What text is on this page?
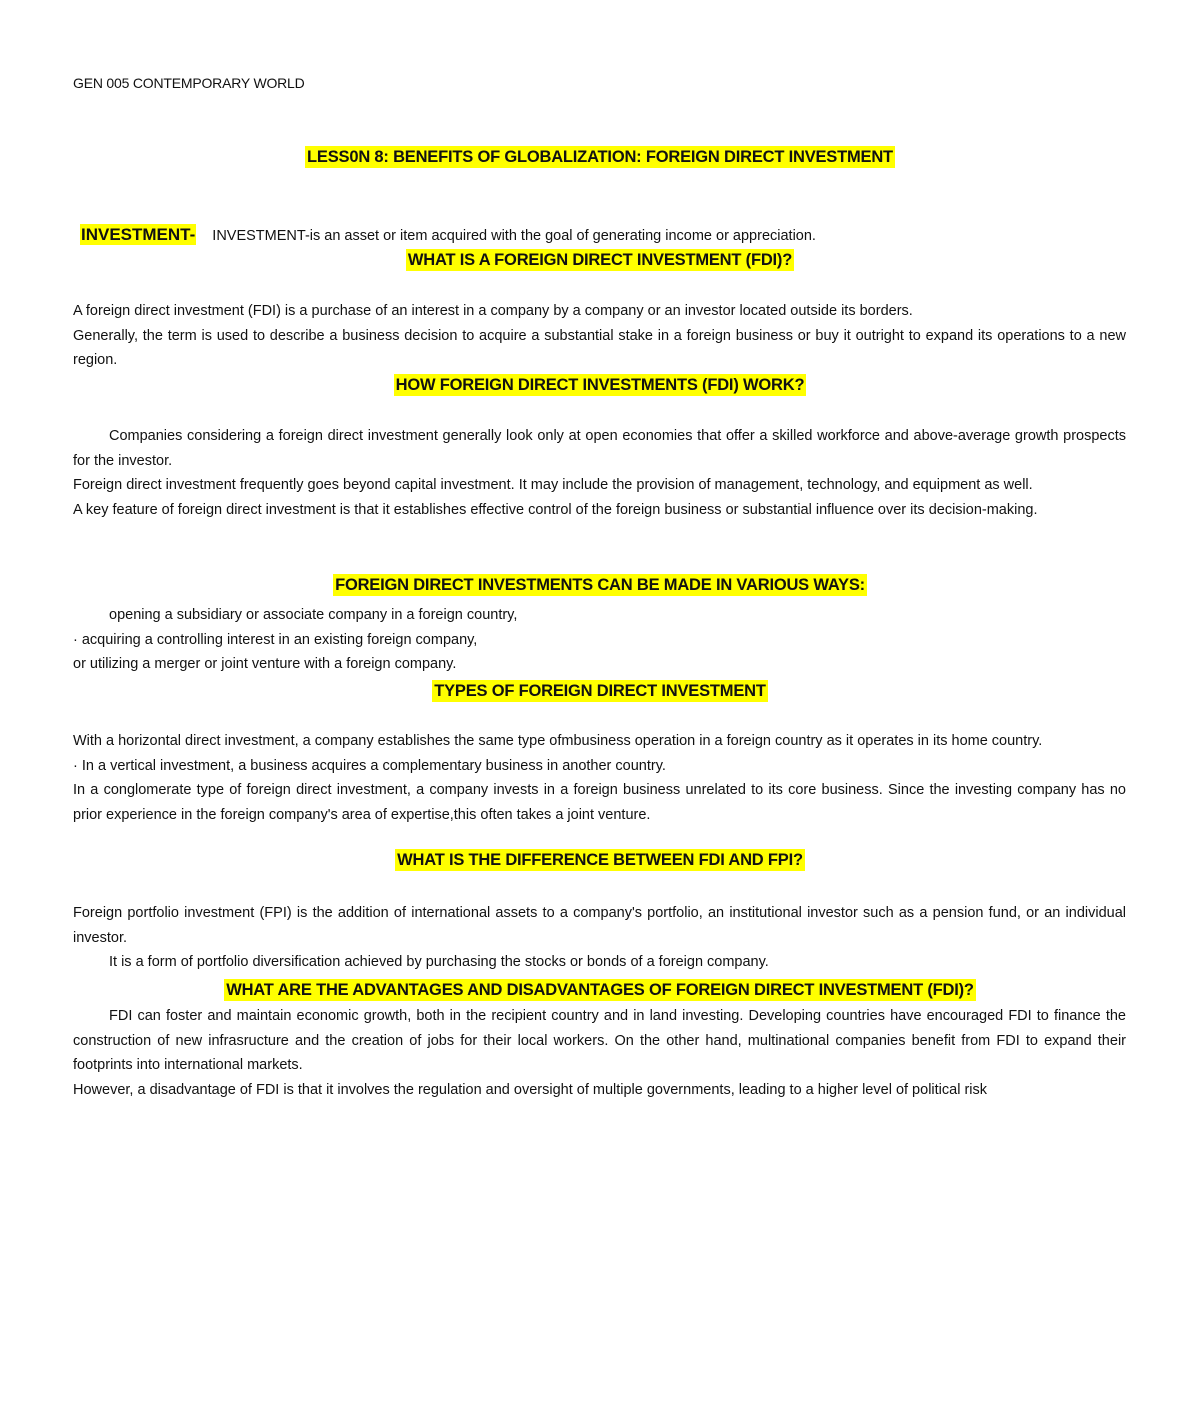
GEN 005 CONTEMPORARY WORLD
LESS0N 8: BENEFITS OF GLOBALIZATION: FOREIGN DIRECT INVESTMENT
INVESTMENT- INVESTMENT-is an asset or item acquired with the goal of generating income or appreciation.
WHAT IS A FOREIGN DIRECT INVESTMENT (FDI)?

A foreign direct investment (FDI) is a purchase of an interest in a company by a company or an investor located outside its borders.

Generally, the term is used to describe a business decision to acquire a substantial stake in a foreign business or buy it outright to expand its operations to a new region.

HOW FOREIGN DIRECT INVESTMENTS (FDI) WORK?

Companies considering a foreign direct investment generally look only at open economies that offer a skilled workforce and above-average growth prospects for the investor.

Foreign direct investment frequently goes beyond capital investment. It may include the provision of management, technology, and equipment as well.

A key feature of foreign direct investment is that it establishes effective control of the foreign business or substantial influence over its decision-making.

FOREIGN DIRECT INVESTMENTS CAN BE MADE IN VARIOUS WAYS:

opening a subsidiary or associate company in a foreign country,

· acquiring a controlling interest in an existing foreign company,

or utilizing a merger or joint venture with a foreign company.

TYPES OF FOREIGN DIRECT INVESTMENT

With a horizontal direct investment, a company establishes the same type ofmbusiness operation in a foreign country as it operates in its home country.

· In a vertical investment, a business acquires a complementary business in another country.

In a conglomerate type of foreign direct investment, a company invests in a foreign business unrelated to its core business. Since the investing company has no prior experience in the foreign company's area of expertise,this often takes a joint venture.

WHAT IS THE DIFFERENCE BETWEEN FDI AND FPI?

Foreign portfolio investment (FPI) is the addition of international assets to a company's portfolio, an institutional investor such as a pension fund, or an individual investor.

It is a form of portfolio diversification achieved by purchasing the stocks or bonds of a foreign company.

WHAT ARE THE ADVANTAGES AND DISADVANTAGES OF FOREIGN DIRECT INVESTMENT (FDI)?

FDI can foster and maintain economic growth, both in the recipient country and in land investing. Developing countries have encouraged FDI to finance the construction of new infrasructure and the creation of jobs for their local workers. On the other hand, multinational companies benefit from FDI to expand their footprints into international markets.

However, a disadvantage of FDI is that it involves the regulation and oversight of multiple governments, leading to a higher level of political risk
